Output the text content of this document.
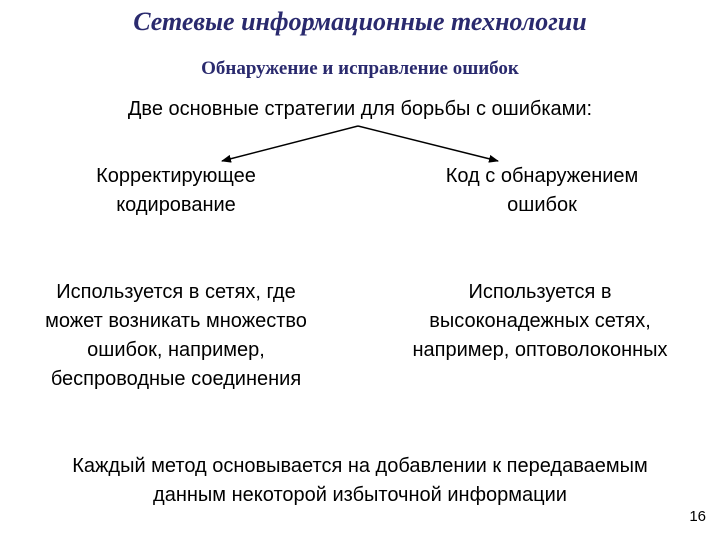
Сетевые информационные технологии
Обнаружение и исправление ошибок
Две основные стратегии для борьбы с ошибками:
Корректирующее
кодирование
Код с обнаружением
ошибок
Используется в сетях, где
может возникать множество
ошибок, например,
беспроводные соединения
Используется в
высоконадежных сетях,
например, оптоволоконных
Каждый метод основывается на добавлении к передаваемым
данным некоторой избыточной информации
16
